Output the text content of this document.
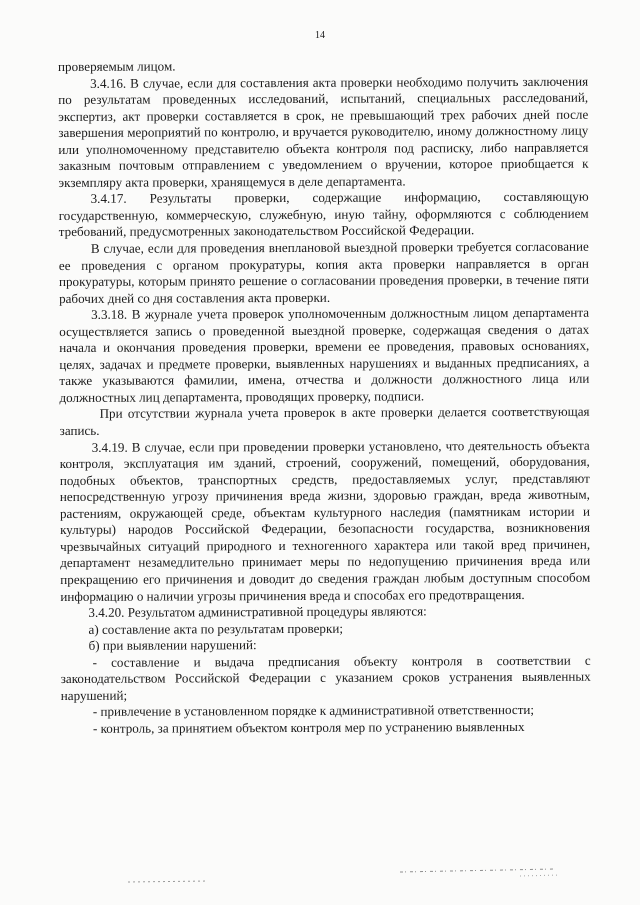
14

проверяемым лицом.

3.4.16. В случае, если для составления акта проверки необходимо получить заключения по результатам проведенных исследований, испытаний, специальных расследований, экспертиз, акт проверки составляется в срок, не превышающий трех рабочих дней после завершения мероприятий по контролю, и вручается руководителю, иному должностному лицу или уполномоченному представителю объекта контроля под расписку, либо направляется заказным почтовым отправлением с уведомлением о вручении, которое приобщается к экземпляру акта проверки, хранящемуся в деле департамента.

3.4.17. Результаты проверки, содержащие информацию, составляющую государственную, коммерческую, служебную, иную тайну, оформляются с соблюдением требований, предусмотренных законодательством Российской Федерации.

В случае, если для проведения внеплановой выездной проверки требуется согласование ее проведения с органом прокуратуры, копия акта проверки направляется в орган прокуратуры, которым принято решение о согласовании проведения проверки, в течение пяти рабочих дней со дня составления акта проверки.

3.3.18. В журнале учета проверок уполномоченным должностным лицом департамента осуществляется запись о проведенной выездной проверке, содержащая сведения о датах начала и окончания проведения проверки, времени ее проведения, правовых основаниях, целях, задачах и предмете проверки, выявленных нарушениях и выданных предписаниях, а также указываются фамилии, имена, отчества и должности должностного лица или должностных лиц департамента, проводящих проверку, подписи.

При отсутствии журнала учета проверок в акте проверки делается соответствующая запись.

3.4.19. В случае, если при проведении проверки установлено, что деятельность объекта контроля, эксплуатация им зданий, строений, сооружений, помещений, оборудования, подобных объектов, транспортных средств, предоставляемых услуг, представляют непосредственную угрозу причинения вреда жизни, здоровью граждан, вреда животным, растениям, окружающей среде, объектам культурного наследия (памятникам истории и культуры) народов Российской Федерации, безопасности государства, возникновения чрезвычайных ситуаций природного и техногенного характера или такой вред причинен, департамент незамедлительно принимает меры по недопущению причинения вреда или прекращению его причинения и доводит до сведения граждан любым доступным способом информацию о наличии угрозы причинения вреда и способах его предотвращения.

3.4.20. Результатом административной процедуры являются:

а) составление акта по результатам проверки;

б) при выявлении нарушений:

- составление и выдача предписания объекту контроля в соответствии с законодательством Российской Федерации с указанием сроков устранения выявленных нарушений;

- привлечение в установленном порядке к административной ответственности;

- контроль, за принятием объектом контроля мер по устранению выявленных
